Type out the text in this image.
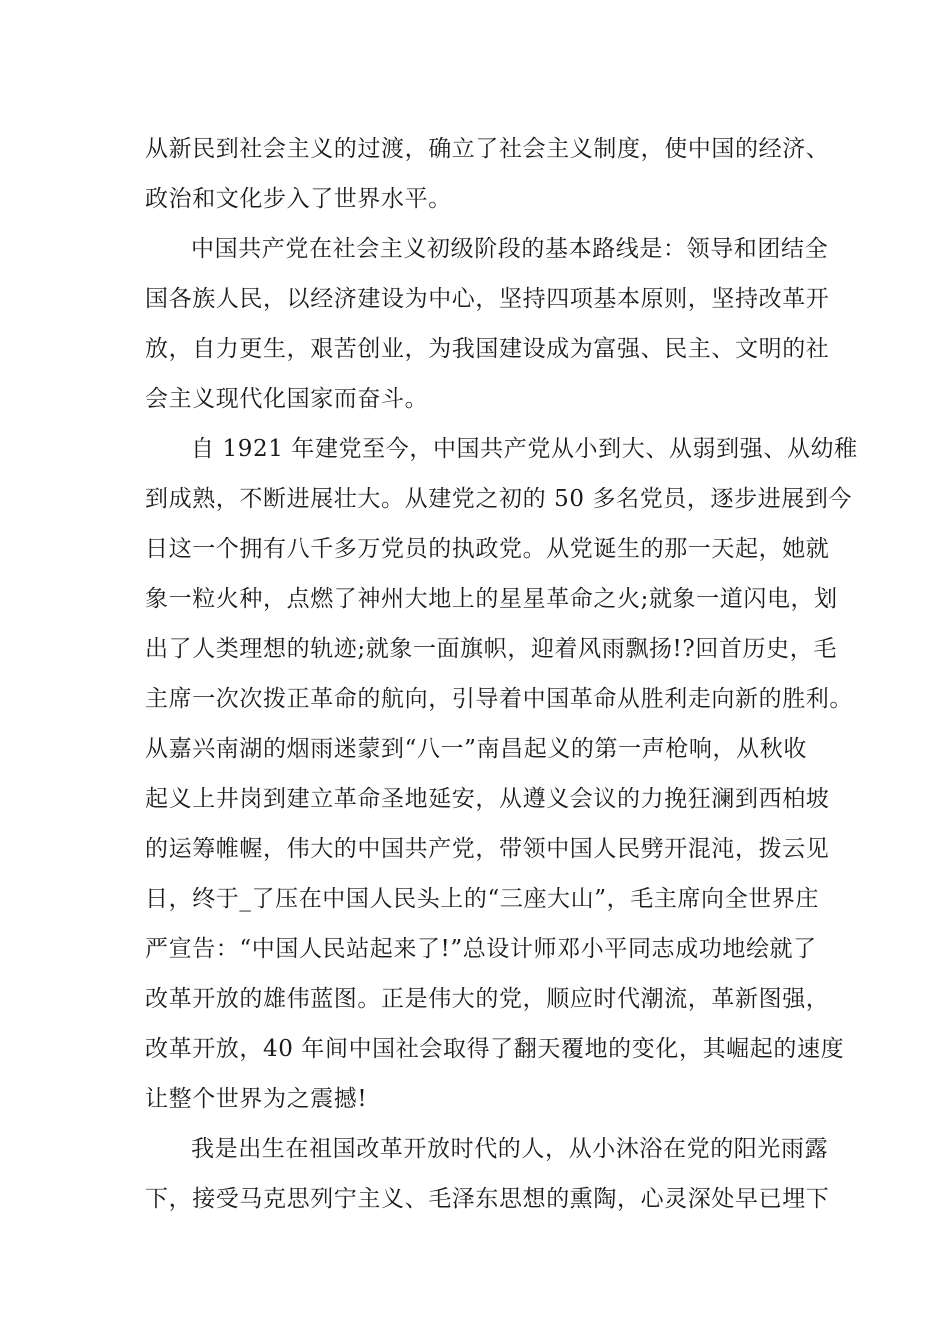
从新民到社会主义的过渡，确立了社会主义制度，使中国的经济、
政治和文化步入了世界水平。
中国共产党在社会主义初级阶段的基本路线是：领导和团结全
国各族人民，以经济建设为中心，坚持四项基本原则，坚持改革开
放，自力更生，艰苦创业，为我国建设成为富强、民主、文明的社
会主义现代化国家而奋斗。
自 1921 年建党至今，中国共产党从小到大、从弱到强、从幼稚
到成熟，不断进展壮大。从建党之初的 50 多名党员，逐步进展到今
日这一个拥有八千多万党员的执政党。从党诞生的那一天起，她就
象一粒火种，点燃了神州大地上的星星革命之火;就象一道闪电，划
出了人类理想的轨迹;就象一面旗帜，迎着风雨飘扬!?回首历史，毛
主席一次次拨正革命的航向，引导着中国革命从胜利走向新的胜利。
从嘉兴南湖的烟雨迷蒙到“八一”南昌起义的第一声枪响，从秋收
起义上井岗到建立革命圣地延安，从遵义会议的力挽狂澜到西柏坡
的运筹帷幄，伟大的中国共产党，带领中国人民劈开混沌，拨云见
日，终于_了压在中国人民头上的“三座大山”，毛主席向全世界庄
严宣告：“中国人民站起来了!”总设计师邓小平同志成功地绘就了
改革开放的雄伟蓝图。正是伟大的党，顺应时代潮流，革新图强，
改革开放，40 年间中国社会取得了翻天覆地的变化，其崛起的速度
让整个世界为之震撼!
我是出生在祖国改革开放时代的人，从小沐浴在党的阳光雨露
下，接受马克思列宁主义、毛泽东思想的熏陶，心灵深处早已埋下
